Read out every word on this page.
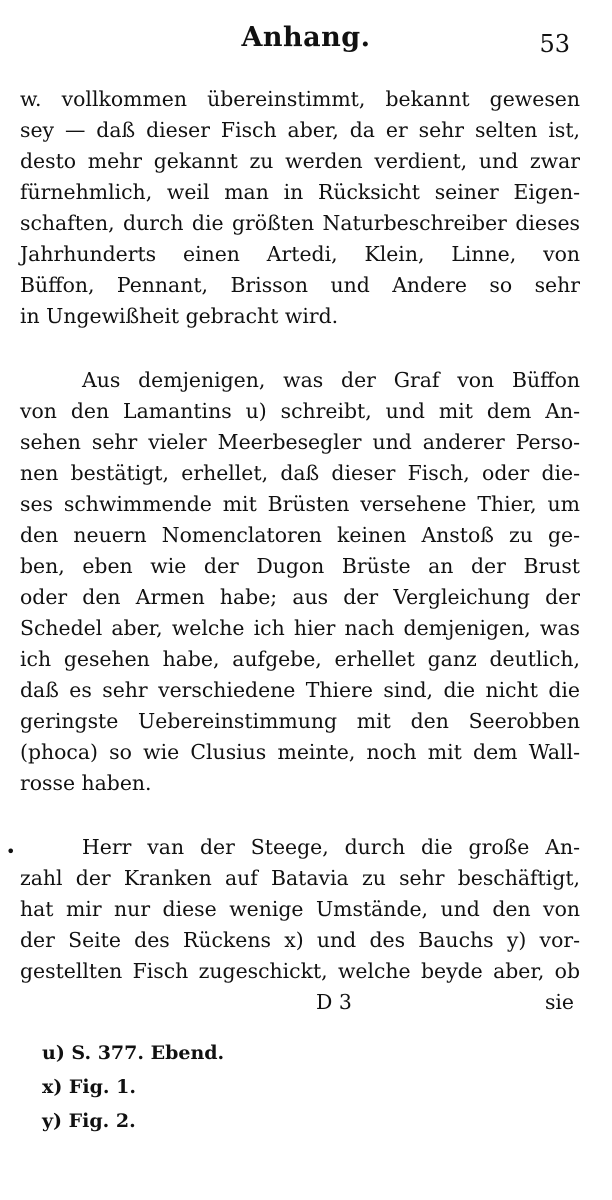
Anhang.	53
w. vollkommen übereinstimmt, bekannt gewesen
sey — daß dieser Fisch aber, da er sehr selten ist,
desto mehr gekannt zu werden verdient, und zwar
fürnehmlich, weil man in Rücksicht seiner Eigen-
schaften, durch die größten Naturbeschreiber dieses
Jahrhunderts einen Artedi, Klein, Linne, von
Büffon, Pennant, Brisson und Andere so sehr
in Ungewißheit gebracht wird.
Aus demjenigen, was der Graf von Büffon
von den Lamantins u) schreibt, und mit dem An-
sehen sehr vieler Meerbesegler und anderer Perso-
nen bestätigt, erhellet, daß dieser Fisch, oder die-
ses schwimmende mit Brüsten versehene Thier, um
den neuern Nomenclatoren keinen Anstoß zu ge-
ben, eben wie der Dugon Brüste an der Brust
oder den Armen habe; aus der Vergleichung der
Schedel aber, welche ich hier nach demjenigen, was
ich gesehen habe, aufgebe, erhellet ganz deutlich,
daß es sehr verschiedene Thiere sind, die nicht die
geringste Uebereinstimmung mit den Seerobben
(phoca) so wie Clusius meinte, noch mit dem Wall-
rosse haben.
Herr van der Steege, durch die große An-
zahl der Kranken auf Batavia zu sehr beschäftigt,
hat mir nur diese wenige Umstände, und den von
der Seite des Rückens x) und des Bauchs y) vor-
gestellten Fisch zugeschickt, welche beyde aber, ob
D 3	sie
•
u) S. 377. Ebend.
x) Fig. 1.
y) Fig. 2.
